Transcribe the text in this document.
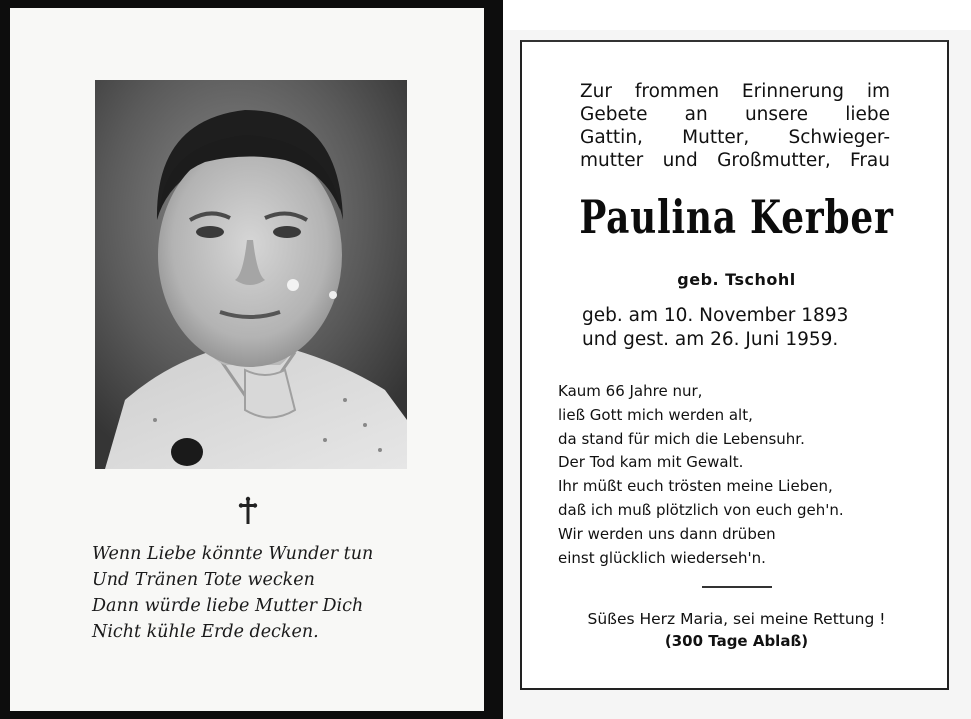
Wenn Liebe könnte Wunder tun
Und Tränen Tote wecken
Dann würde liebe Mutter Dich
Nicht kühle Erde decken.
Zur frommen Erinnerung im
Gebete an unsere liebe
Gattin, Mutter, Schwieger-
mutter und Großmutter, Frau
Paulina Kerber
geb. Tschohl
geb. am 10. November 1893
und gest. am 26. Juni 1959.
Kaum 66 Jahre nur,
ließ Gott mich werden alt,
da stand für mich die Lebensuhr.
Der Tod kam mit Gewalt.
Ihr müßt euch trösten meine Lieben,
daß ich muß plötzlich von euch geh'n.
Wir werden uns dann drüben
einst glücklich wiederseh'n.
Süßes Herz Maria, sei meine Rettung !
(300 Tage Ablaß)
